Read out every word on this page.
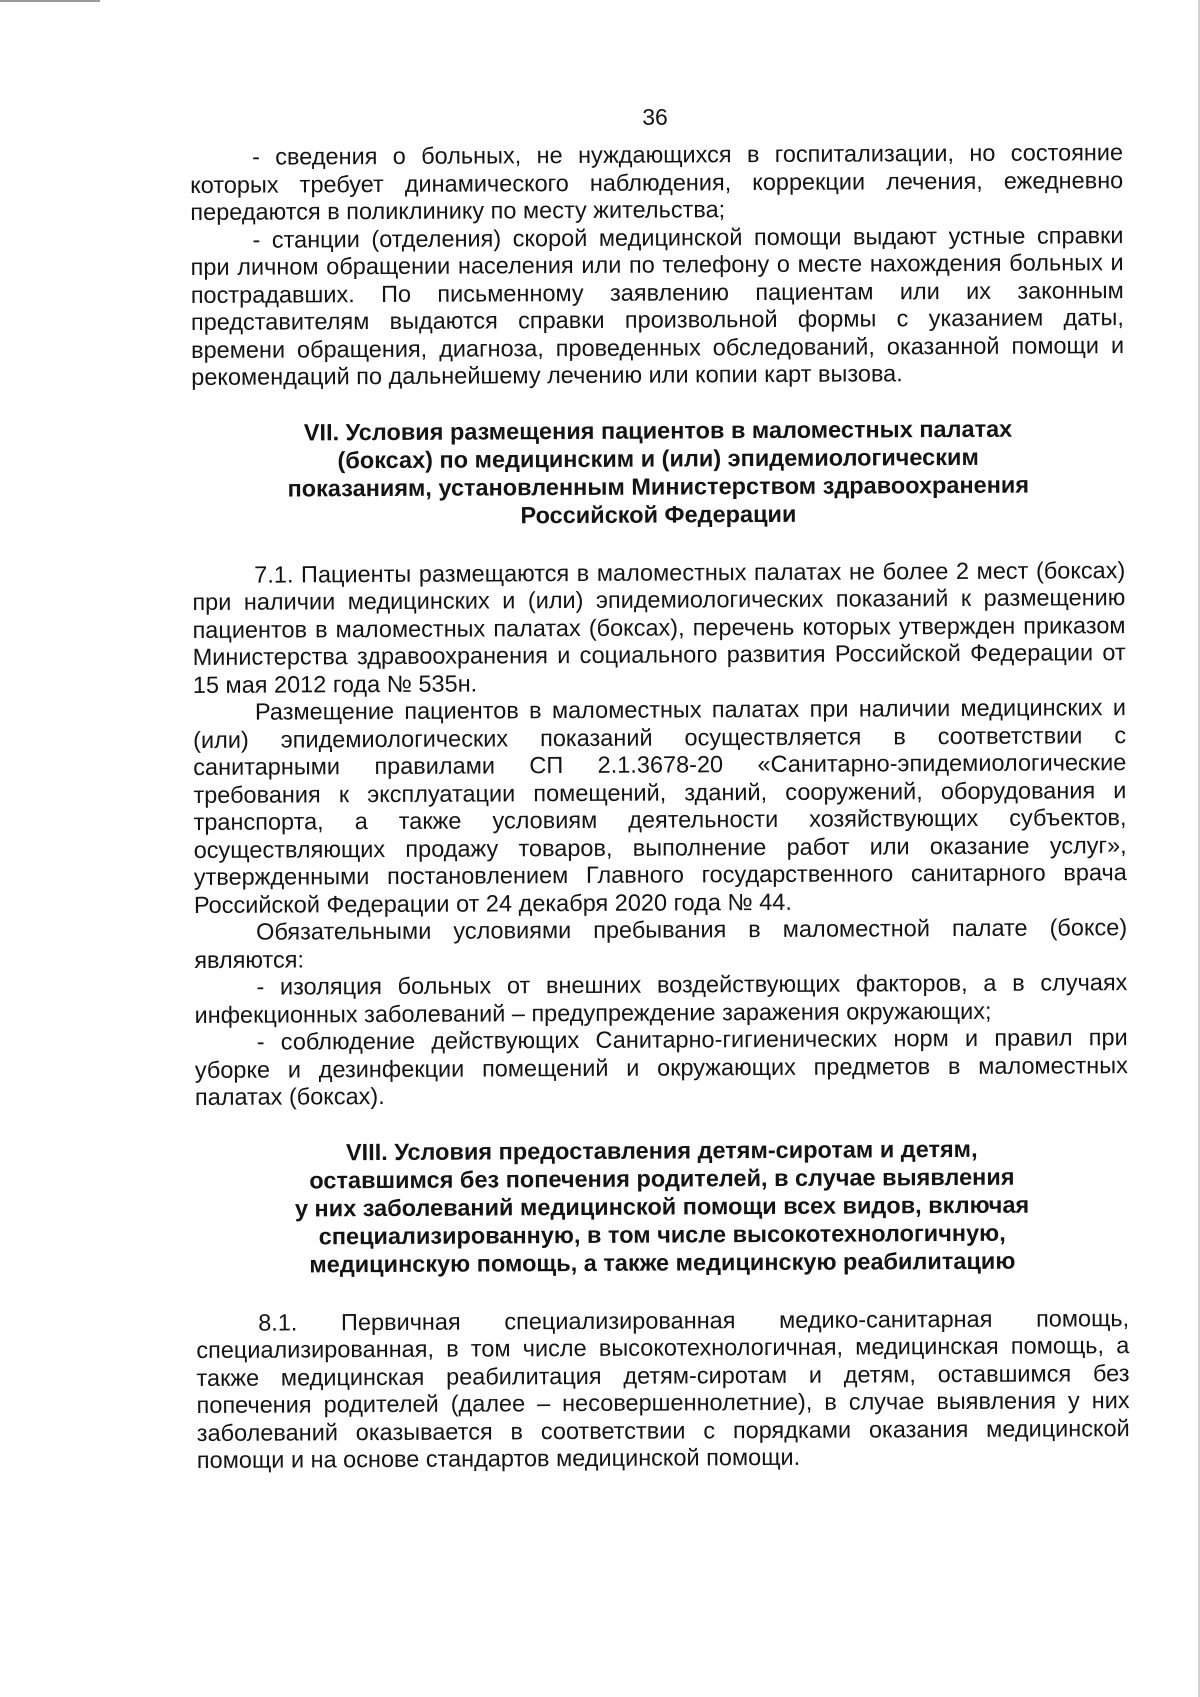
36

- сведения о больных, не нуждающихся в госпитализации, но состояние которых требует динамического наблюдения, коррекции лечения, ежедневно передаются в поликлинику по месту жительства;

- станции (отделения) скорой медицинской помощи выдают устные справки при личном обращении населения или по телефону о месте нахождения больных и пострадавших. По письменному заявлению пациентам или их законным представителям выдаются справки произвольной формы с указанием даты, времени обращения, диагноза, проведенных обследований, оказанной помощи и рекомендаций по дальнейшему лечению или копии карт вызова.

VII. Условия размещения пациентов в маломестных палатах
(боксах) по медицинским и (или) эпидемиологическим
показаниям, установленным Министерством здравоохранения
Российской Федерации

7.1. Пациенты размещаются в маломестных палатах не более 2 мест (боксах) при наличии медицинских и (или) эпидемиологических показаний к размещению пациентов в маломестных палатах (боксах), перечень которых утвержден приказом Министерства здравоохранения и социального развития Российской Федерации от 15 мая 2012 года № 535н.

Размещение пациентов в маломестных палатах при наличии медицинских и (или) эпидемиологических показаний осуществляется в соответствии с санитарными правилами СП 2.1.3678-20 «Санитарно-эпидемиологические требования к эксплуатации помещений, зданий, сооружений, оборудования и транспорта, а также условиям деятельности хозяйствующих субъектов, осуществляющих продажу товаров, выполнение работ или оказание услуг», утвержденными постановлением Главного государственного санитарного врача Российской Федерации от 24 декабря 2020 года № 44.

Обязательными условиями пребывания в маломестной палате (боксе) являются:

- изоляция больных от внешних воздействующих факторов, а в случаях инфекционных заболеваний – предупреждение заражения окружающих;

- соблюдение действующих Санитарно-гигиенических норм и правил при уборке и дезинфекции помещений и окружающих предметов в маломестных палатах (боксах).

VIII. Условия предоставления детям-сиротам и детям,
оставшимся без попечения родителей, в случае выявления
у них заболеваний медицинской помощи всех видов, включая
специализированную, в том числе высокотехнологичную,
медицинскую помощь, а также медицинскую реабилитацию

8.1. Первичная специализированная медико-санитарная помощь, специализированная, в том числе высокотехнологичная, медицинская помощь, а также медицинская реабилитация детям-сиротам и детям, оставшимся без попечения родителей (далее – несовершеннолетние), в случае выявления у них заболеваний оказывается в соответствии с порядками оказания медицинской помощи и на основе стандартов медицинской помощи.
